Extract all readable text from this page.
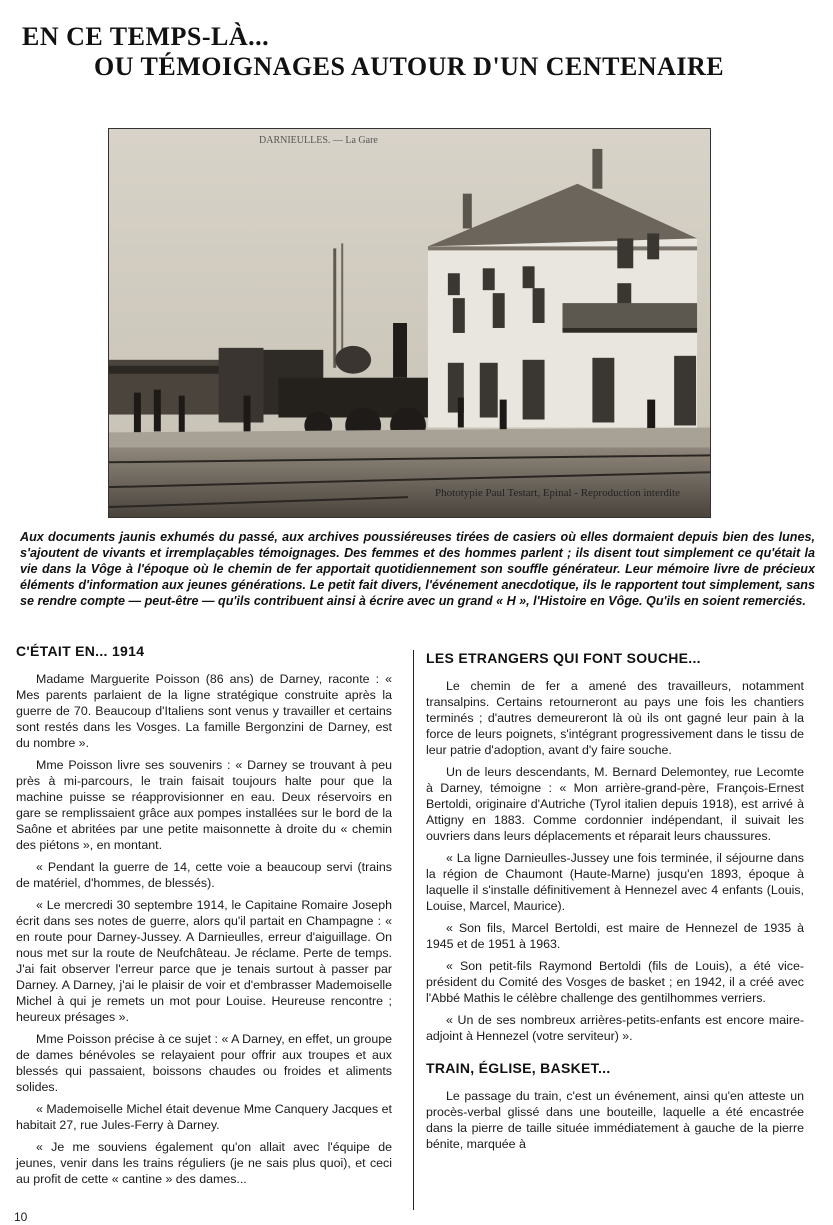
EN CE TEMPS-LÀ...
OU TÉMOIGNAGES AUTOUR D'UN CENTENAIRE
DARNIEULLES. — La Gare
Phototypie Paul Testart, Epinal - Reproduction interdite
Aux documents jaunis exhumés du passé, aux archives poussiéreuses tirées de casiers où elles dormaient depuis bien des lunes, s'ajoutent de vivants et irremplaçables témoignages. Des femmes et des hommes parlent ; ils disent tout simplement ce qu'était la vie dans la Vôge à l'époque où le chemin de fer apportait quotidiennement son souffle générateur. Leur mémoire livre de précieux éléments d'information aux jeunes générations. Le petit fait divers, l'événement anecdotique, ils le rapportent tout simplement, sans se rendre compte — peut-être — qu'ils contribuent ainsi à écrire avec un grand « H », l'Histoire en Vôge. Qu'ils en soient remerciés.
C'ÉTAIT EN... 1914

Madame Marguerite Poisson (86 ans) de Darney, raconte : « Mes parents parlaient de la ligne stratégique construite après la guerre de 70. Beaucoup d'Italiens sont venus y travailler et certains sont restés dans les Vosges. La famille Bergonzini de Darney, est du nombre ».

Mme Poisson livre ses souvenirs : « Darney se trouvant à peu près à mi-parcours, le train faisait toujours halte pour que la machine puisse se réapprovisionner en eau. Deux réservoirs en gare se remplissaient grâce aux pompes installées sur le bord de la Saône et abritées par une petite maisonnette à droite du « chemin des piétons », en montant.

« Pendant la guerre de 14, cette voie a beaucoup servi (trains de matériel, d'hommes, de blessés).

« Le mercredi 30 septembre 1914, le Capitaine Romaire Joseph écrit dans ses notes de guerre, alors qu'il partait en Champagne : « en route pour Darney-Jussey. A Darnieulles, erreur d'aiguillage. On nous met sur la route de Neufchâteau. Je réclame. Perte de temps. J'ai fait observer l'erreur parce que je tenais surtout à passer par Darney. A Darney, j'ai le plaisir de voir et d'embrasser Mademoiselle Michel à qui je remets un mot pour Louise. Heureuse rencontre ; heureux présages ».

Mme Poisson précise à ce sujet : « A Darney, en effet, un groupe de dames bénévoles se relayaient pour offrir aux troupes et aux blessés qui passaient, boissons chaudes ou froides et aliments solides.

« Mademoiselle Michel était devenue Mme Canquery Jacques et habitait 27, rue Jules-Ferry à Darney.

« Je me souviens également qu'on allait avec l'équipe de jeunes, venir dans les trains réguliers (je ne sais plus quoi), et ceci au profit de cette « cantine » des dames...

LES ETRANGERS QUI FONT SOUCHE...

Le chemin de fer a amené des travailleurs, notamment transalpins. Certains retourneront au pays une fois les chantiers terminés ; d'autres demeureront là où ils ont gagné leur pain à la force de leurs poignets, s'intégrant progressivement dans le tissu de leur patrie d'adoption, avant d'y faire souche.

Un de leurs descendants, M. Bernard Delemontey, rue Lecomte à Darney, témoigne : « Mon arrière-grand-père, François-Ernest Bertoldi, originaire d'Autriche (Tyrol italien depuis 1918), est arrivé à Attigny en 1883. Comme cordonnier indépendant, il suivait les ouvriers dans leurs déplacements et réparait leurs chaussures.

« La ligne Darnieulles-Jussey une fois terminée, il séjourne dans la région de Chaumont (Haute-Marne) jusqu'en 1893, époque à laquelle il s'installe définitivement à Hennezel avec 4 enfants (Louis, Louise, Marcel, Maurice).

« Son fils, Marcel Bertoldi, est maire de Hennezel de 1935 à 1945 et de 1951 à 1963.

« Son petit-fils Raymond Bertoldi (fils de Louis), a été vice-président du Comité des Vosges de basket ; en 1942, il a créé avec l'Abbé Mathis le célèbre challenge des gentilhommes verriers.

« Un de ses nombreux arrières-petits-enfants est encore maire-adjoint à Hennezel (votre serviteur) ».

TRAIN, ÉGLISE, BASKET...

Le passage du train, c'est un événement, ainsi qu'en atteste un procès-verbal glissé dans une bouteille, laquelle a été encastrée dans la pierre de taille située immédiatement à gauche de la pierre bénite, marquée à

10
